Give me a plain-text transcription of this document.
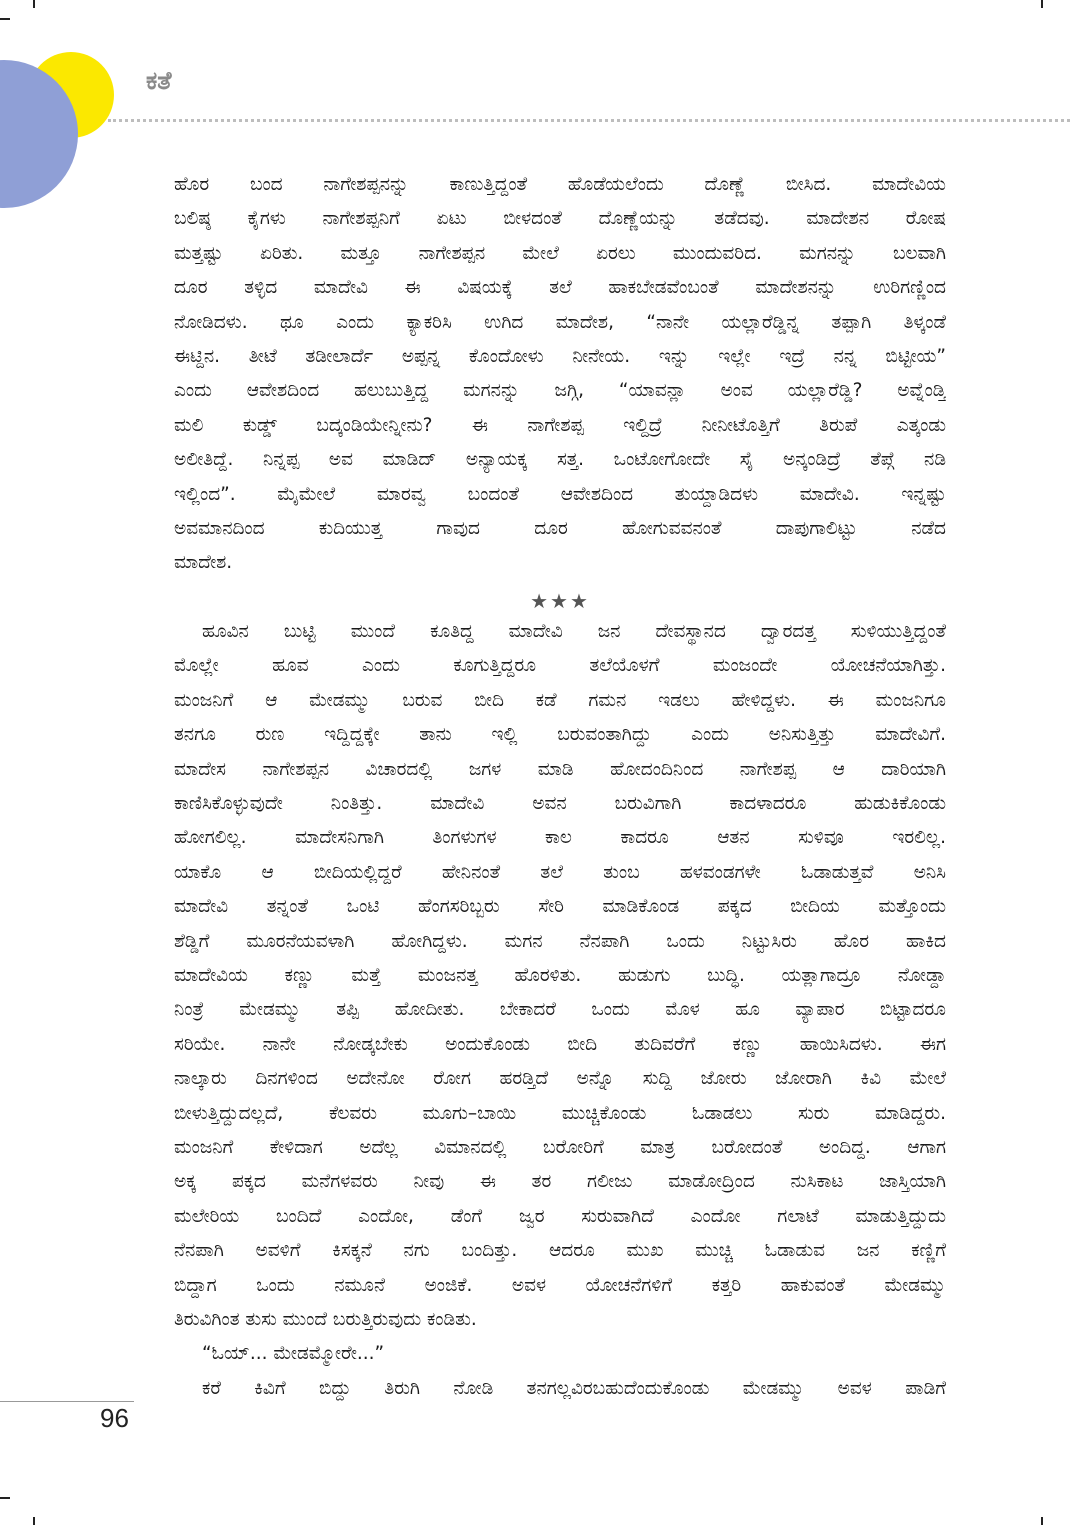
ಕತೆ
ಹೊರ ಬಂದ ನಾಗೇಶಪ್ಪನನ್ನು ಕಾಣುತ್ತಿದ್ದಂತೆ ಹೊಡೆಯಲೆಂದು ದೊಣ್ಣೆ ಬೀಸಿದ. ಮಾದೇವಿಯ
ಬಲಿಷ್ಠ ಕೈಗಳು ನಾಗೇಶಪ್ಪನಿಗೆ ಏಟು ಬೀಳದಂತೆ ದೊಣ್ಣೆಯನ್ನು ತಡೆದವು. ಮಾದೇಶನ ರೋಷ
ಮತ್ತಷ್ಟು ಏರಿತು. ಮತ್ತೂ ನಾಗೇಶಪ್ಪನ ಮೇಲೆ ಏರಲು ಮುಂದುವರಿದ. ಮಗನನ್ನು ಬಲವಾಗಿ
ದೂರ ತಳ್ಳಿದ ಮಾದೇವಿ ಈ ವಿಷಯಕ್ಕೆ ತಲೆ ಹಾಕಬೇಡವೆಂಬಂತೆ ಮಾದೇಶನನ್ನು ಉರಿಗಣ್ಣಿಂದ
ನೋಡಿದಳು. ಥೂ ಎಂದು ಕ್ಯಾಕರಿಸಿ ಉಗಿದ ಮಾದೇಶ, “ನಾನೇ ಯಲ್ಲಾರೆಡ್ಡಿನ್ನ ತಪ್ಪಾಗಿ ತಿಳ್ಕಂಡೆ
ಈಟ್ದಿನ. ತೀಟೆ ತಡೀಲಾರ್ದೆ ಅಪ್ಪನ್ನ ಕೊಂದೋಳು ನೀನೇಯ. ಇನ್ನು ಇಲ್ಲೇ ಇದ್ರೆ ನನ್ನ ಬಿಟ್ಟೀಯ”
ಎಂದು ಆವೇಶದಿಂದ ಹಲುಬುತ್ತಿದ್ದ ಮಗನನ್ನು ಜಗ್ಗಿ, “ಯಾವನ್ಲಾ ಅಂವ ಯಲ್ಲಾರೆಡ್ಡಿ? ಅವ್ನೆಂಡ್ತಿ
ಮಲಿ ಕುಡ್ಡ್ ಬದ್ಕಂಡಿಯೇನ್ನೀನು? ಈ ನಾಗೇಶಪ್ಪ ಇಲ್ದಿದ್ರೆ ನೀನೀಟೊತ್ತಿಗೆ ತಿರುಪೆ ಎತ್ಕಂಡು
ಅಲೀತಿದ್ದೆ. ನಿನ್ನಪ್ಪ ಅವ ಮಾಡಿದ್ ಅನ್ಯಾಯಕ್ಕ ಸತ್ತ. ಒಂಟೋಗೋದೇ ಸೈ ಅನ್ಕಂಡಿದ್ರೆ ತೆಪ್ಗೆ ನಡಿ
ಇಲ್ಲಿಂದ”. ಮೈಮೇಲೆ ಮಾರವ್ವ ಬಂದಂತೆ ಆವೇಶದಿಂದ ತುಯ್ದಾಡಿದಳು ಮಾದೇವಿ. ಇನ್ನಷ್ಟು
ಅವಮಾನದಿಂದ ಕುದಿಯುತ್ತ ಗಾವುದ ದೂರ ಹೋಗುವವನಂತೆ ದಾಪುಗಾಲಿಟ್ಟು ನಡೆದ
ಮಾದೇಶ.
★★★
ಹೂವಿನ ಬುಟ್ಟಿ ಮುಂದೆ ಕೂತಿದ್ದ ಮಾದೇವಿ ಜನ ದೇವಸ್ಥಾನದ ದ್ವಾರದತ್ತ ಸುಳಿಯುತ್ತಿದ್ದಂತೆ
ಮೊಲ್ಲೇ ಹೂವ ಎಂದು ಕೂಗುತ್ತಿದ್ದರೂ ತಲೆಯೊಳಗೆ ಮಂಜಂದೇ ಯೋಚನೆಯಾಗಿತ್ತು.
ಮಂಜನಿಗೆ ಆ ಮೇಡಮ್ಮು ಬರುವ ಬೀದಿ ಕಡೆ ಗಮನ ಇಡಲು ಹೇಳಿದ್ದಳು. ಈ ಮಂಜನಿಗೂ
ತನಗೂ ರುಣ ಇದ್ದಿದ್ದಕ್ಕೇ ತಾನು ಇಲ್ಲಿ ಬರುವಂತಾಗಿದ್ದು ಎಂದು ಅನಿಸುತ್ತಿತ್ತು ಮಾದೇವಿಗೆ.
ಮಾದೇಸ ನಾಗೇಶಪ್ಪನ ವಿಚಾರದಲ್ಲಿ ಜಗಳ ಮಾಡಿ ಹೋದಂದಿನಿಂದ ನಾಗೇಶಪ್ಪ ಆ ದಾರಿಯಾಗಿ
ಕಾಣಿಸಿಕೊಳ್ಳುವುದೇ ನಿಂತಿತ್ತು. ಮಾದೇವಿ ಅವನ ಬರುವಿಗಾಗಿ ಕಾದಳಾದರೂ ಹುಡುಕಿಕೊಂಡು
ಹೋಗಲಿಲ್ಲ. ಮಾದೇಸನಿಗಾಗಿ ತಿಂಗಳುಗಳ ಕಾಲ ಕಾದರೂ ಆತನ ಸುಳಿವೂ ಇರಲಿಲ್ಲ.
ಯಾಕೊ ಆ ಬೀದಿಯಲ್ಲಿದ್ದರೆ ಹೇನಿನಂತೆ ತಲೆ ತುಂಬ ಹಳವಂಡಗಳೇ ಓಡಾಡುತ್ತವೆ ಅನಿಸಿ
ಮಾದೇವಿ ತನ್ನಂತೆ ಒಂಟಿ ಹೆಂಗಸರಿಬ್ಬರು ಸೇರಿ ಮಾಡಿಕೊಂಡ ಪಕ್ಕದ ಬೀದಿಯ ಮತ್ತೊಂದು
ಶೆಡ್ಡಿಗೆ ಮೂರನೆಯವಳಾಗಿ ಹೋಗಿದ್ದಳು. ಮಗನ ನೆನಪಾಗಿ ಒಂದು ನಿಟ್ಟುಸಿರು ಹೊರ ಹಾಕಿದ
ಮಾದೇವಿಯ ಕಣ್ಣು ಮತ್ತೆ ಮಂಜನತ್ತ ಹೊರಳಿತು. ಹುಡುಗು ಬುದ್ಧಿ. ಯತ್ಲಾಗಾದ್ರೂ ನೋಡ್ದಾ
ನಿಂತ್ರೆ ಮೇಡಮ್ಮು ತಪ್ಪಿ ಹೋದೀತು. ಬೇಕಾದರೆ ಒಂದು ಮೊಳ ಹೂ ವ್ಯಾಪಾರ ಬಿಟ್ಟಾದರೂ
ಸರಿಯೇ. ನಾನೇ ನೋಡ್ಕಬೇಕು ಅಂದುಕೊಂಡು ಬೀದಿ ತುದಿವರೆಗೆ ಕಣ್ಣು ಹಾಯಿಸಿದಳು. ಈಗ
ನಾಲ್ಕಾರು ದಿನಗಳಿಂದ ಅದೇನೋ ರೋಗ ಹರಡ್ತಿದೆ ಅನ್ನೊ ಸುದ್ದಿ ಜೋರು ಜೋರಾಗಿ ಕಿವಿ ಮೇಲೆ
ಬೀಳುತ್ತಿದ್ದುದಲ್ಲದೆ, ಕೆಲವರು ಮೂಗು–ಬಾಯಿ ಮುಚ್ಚಿಕೊಂಡು ಓಡಾಡಲು ಸುರು ಮಾಡಿದ್ದರು.
ಮಂಜನಿಗೆ ಕೇಳಿದಾಗ ಅದೆಲ್ಲ ವಿಮಾನದಲ್ಲಿ ಬರೋರಿಗೆ ಮಾತ್ರ ಬರೋದಂತೆ ಅಂದಿದ್ದ. ಆಗಾಗ
ಅಕ್ಕ ಪಕ್ಕದ ಮನೆಗಳವರು ನೀವು ಈ ತರ ಗಲೀಜು ಮಾಡೋದ್ರಿಂದ ನುಸಿಕಾಟ ಜಾಸ್ತಿಯಾಗಿ
ಮಲೇರಿಯ ಬಂದಿದೆ ಎಂದೋ, ಡೆಂಗೆ ಜ್ವರ ಸುರುವಾಗಿದೆ ಎಂದೋ ಗಲಾಟೆ ಮಾಡುತ್ತಿದ್ದುದು
ನೆನಪಾಗಿ ಅವಳಿಗೆ ಕಿಸಕ್ಕನೆ ನಗು ಬಂದಿತ್ತು. ಆದರೂ ಮುಖ ಮುಚ್ಚಿ ಓಡಾಡುವ ಜನ ಕಣ್ಣಿಗೆ
ಬಿದ್ದಾಗ ಒಂದು ನಮೂನೆ ಅಂಜಿಕೆ. ಅವಳ ಯೋಚನೆಗಳಿಗೆ ಕತ್ತರಿ ಹಾಕುವಂತೆ ಮೇಡಮ್ಮು
ತಿರುವಿಗಿಂತ ತುಸು ಮುಂದೆ ಬರುತ್ತಿರುವುದು ಕಂಡಿತು.
“ಓಯ್... ಮೇಡಮ್ಮೋರೇ...”
ಕರೆ ಕಿವಿಗೆ ಬಿದ್ದು ತಿರುಗಿ ನೋಡಿ ತನಗಲ್ಲವಿರಬಹುದೆಂದುಕೊಂಡು ಮೇಡಮ್ಮು ಅವಳ ಪಾಡಿಗೆ
96
